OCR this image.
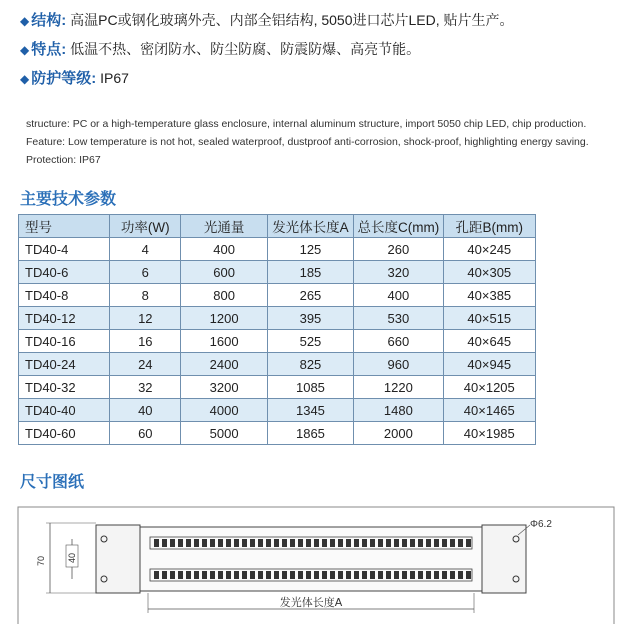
◆ 结构: 高温PC或钢化玻璃外壳、内部全铝结构, 5050进口芯片LED, 贴片生产。
◆ 特点: 低温不热、密闭防水、防尘防腐、防震防爆、高亮节能。
◆ 防护等级: IP67
structure: PC or a high-temperature glass enclosure, internal aluminum structure, import 5050 chip LED, chip production.
Feature: Low temperature is not hot, sealed waterproof, dustproof anti-corrosion, shock-proof, highlighting energy saving.
Protection: IP67
主要技术参数
型号	功率(W)	光通量	发光体长度A	总长度C(mm)	孔距B(mm)
TD40-4	4	400	125	260	40×245
TD40-6	6	600	185	320	40×305
TD40-8	8	800	265	400	40×385
TD40-12	12	1200	395	530	40×515
TD40-16	16	1600	525	660	40×645
TD40-24	24	2400	825	960	40×945
TD40-32	32	3200	1085	1220	40×1205
TD40-40	40	4000	1345	1480	40×1465
TD40-60	60	5000	1865	2000	40×1985
尺寸图纸
70 40
Φ6.2
发光体长度A
